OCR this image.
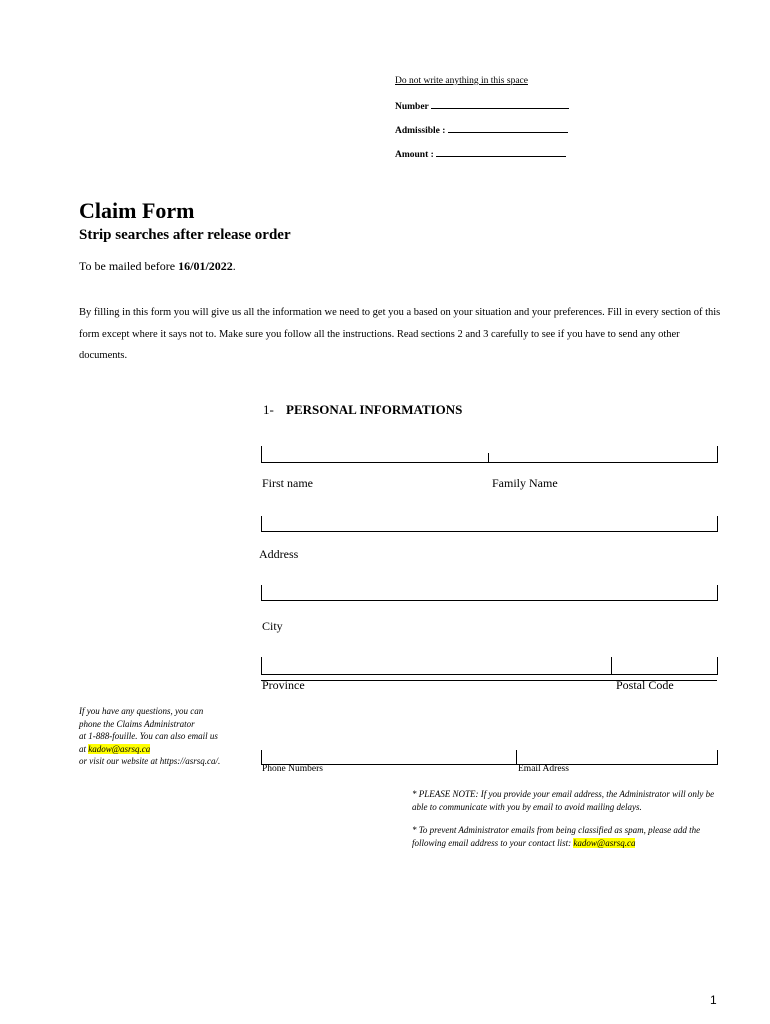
Do not write anything in this space
Number
Admissible :
Amount :
Claim Form
Strip searches after release order
To be mailed before 16/01/2022.
By filling in this form you will give us all the information we need to get you a based on your situation and your preferences. Fill in every section of this form except where it says not to. Make sure you follow all the instructions. Read sections 2 and 3 carefully to see if you have to send any other documents.
1- PERSONAL INFORMATIONS
First name	Family Name
Address
City
Province	Postal Code
Phone Numbers	Email Adress
If you have any questions, you can
phone the Claims Administrator
at 1-888-fouille. You can also email us
at kadow@asrsq.ca
or visit our website at https://asrsq.ca/.
* PLEASE NOTE: If you provide your email address, the Administrator will only be able to communicate with you by email to avoid mailing delays.
* To prevent Administrator emails from being classified as spam, please add the following email address to your contact list: kadow@asrsq.ca
1
